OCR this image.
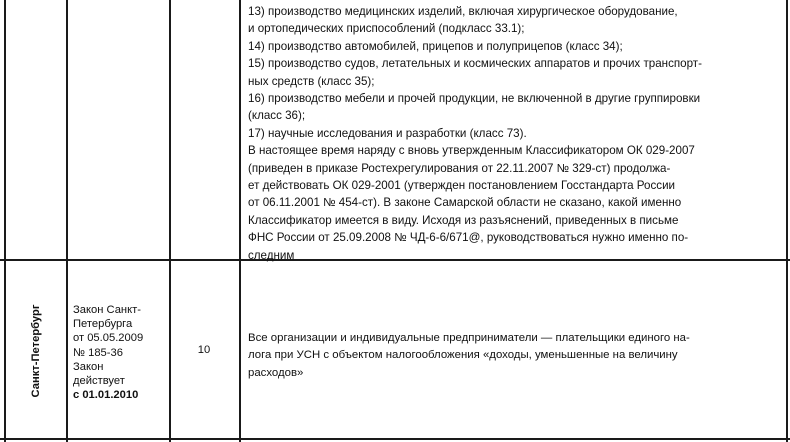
13) производство медицинских изделий, включая хирургическое оборудование,

и ортопедических приспособлений (подкласс 33.1);

14) производство автомобилей, прицепов и полуприцепов (класс 34);

15) производство судов, летательных и космических аппаратов и прочих транспорт-

ных средств (класс 35);

16) производство мебели и прочей продукции, не включенной в другие группировки

(класс 36);

17) научные исследования и разработки (класс 73).

В настоящее время наряду с вновь утвержденным Классификатором ОК 029-2007

(приведен в приказе Ростехрегулирования от 22.11.2007 № 329-ст) продолжа-

ет действовать ОК 029-2001 (утвержден постановлением Госстандарта России

от 06.11.2001 № 454-ст). В законе Самарской области не сказано, какой именно

Классификатор имеется в виду. Исходя из разъяснений, приведенных в письме

ФНС России от 25.09.2008 № ЧД-6-6/671@, руководствоваться нужно именно по-

следним

Санкт-Петербург	Закон Санкт-
Петербурга
от 05.05.2009
№ 185-36
Закон
действует
с 01.01.2010
10

Все организации и индивидуальные предприниматели — плательщики единого на-

лога при УСН с объектом налогообложения «доходы, уменьшенные на величину

расходов»
